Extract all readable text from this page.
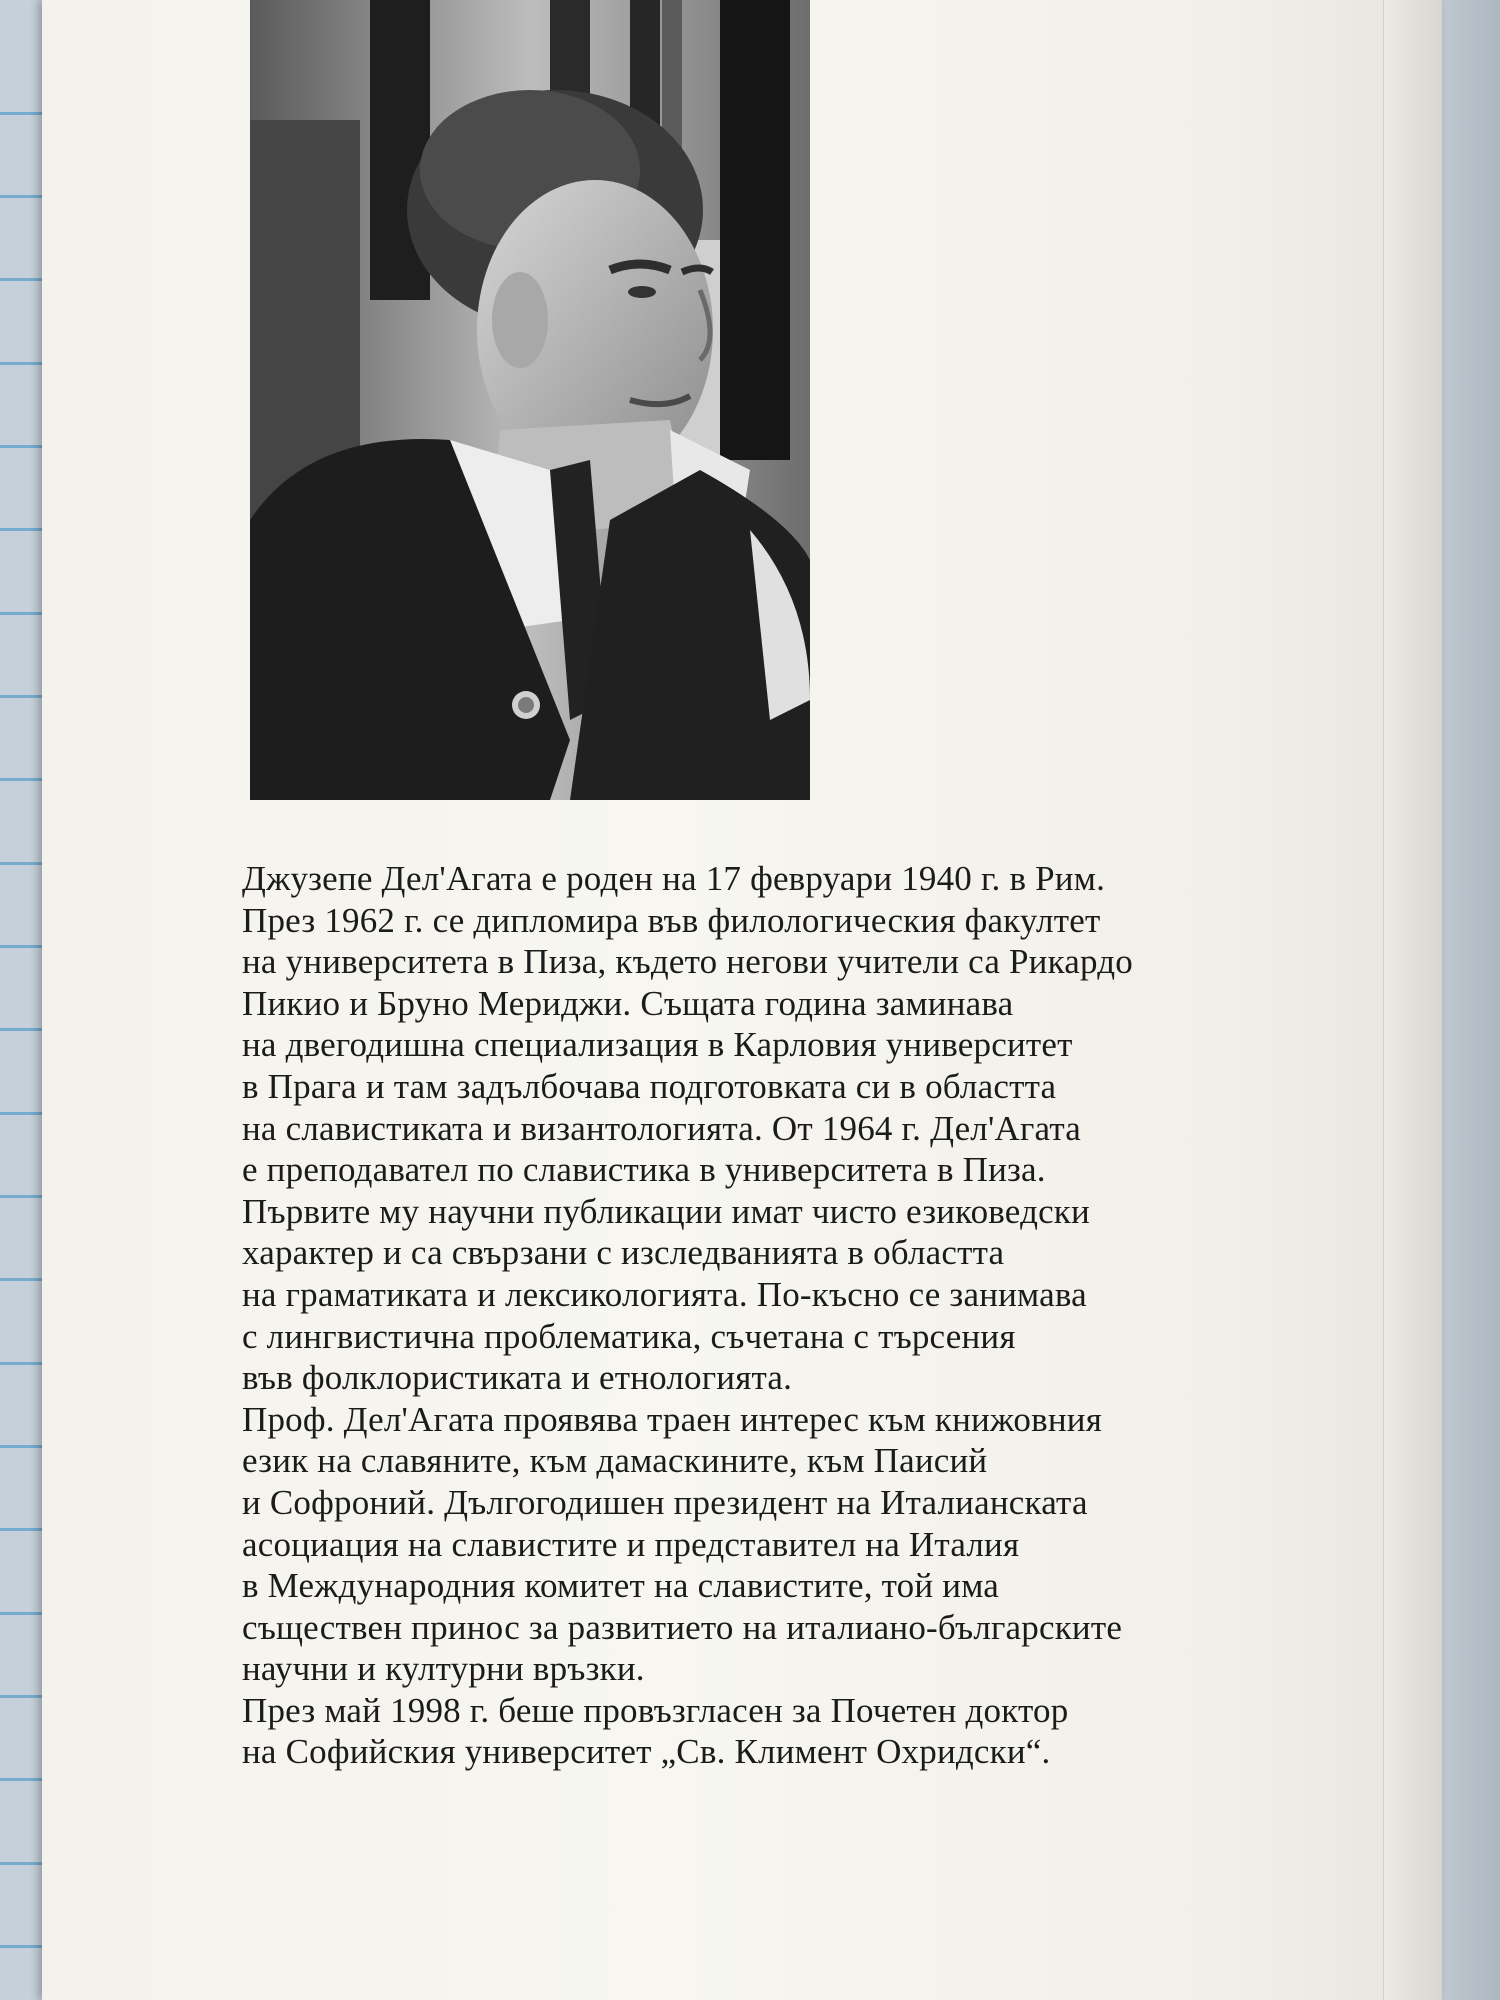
Джузепе Дел'Агата е роден на 17 февруари 1940 г. в Рим.
През 1962 г. се дипломира във филологическия факултет
на университета в Пиза, където негови учители са Рикардо
Пикио и Бруно Мериджи. Същата година заминава
на двегодишна специализация в Карловия университет
в Прага и там задълбочава подготовката си в областта
на славистиката и византологията. От 1964 г. Дел'Агата
е преподавател по славистика в университета в Пиза.
Първите му научни публикации имат чисто езиковедски
характер и са свързани с изследванията в областта
на граматиката и лексикологията. По-късно се занимава
с лингвистична проблематика, съчетана с търсения
във фолклористиката и етнологията.
Проф. Дел'Агата проявява траен интерес към книжовния
език на славяните, към дамаскините, към Паисий
и Софроний. Дългогодишен президент на Италианската
асоциация на славистите и представител на Италия
в Международния комитет на славистите, той има
съществен принос за развитието на италиано-българските
научни и културни връзки.
През май 1998 г. беше провъзгласен за Почетен доктор
на Софийския университет „Св. Климент Охридски“.
